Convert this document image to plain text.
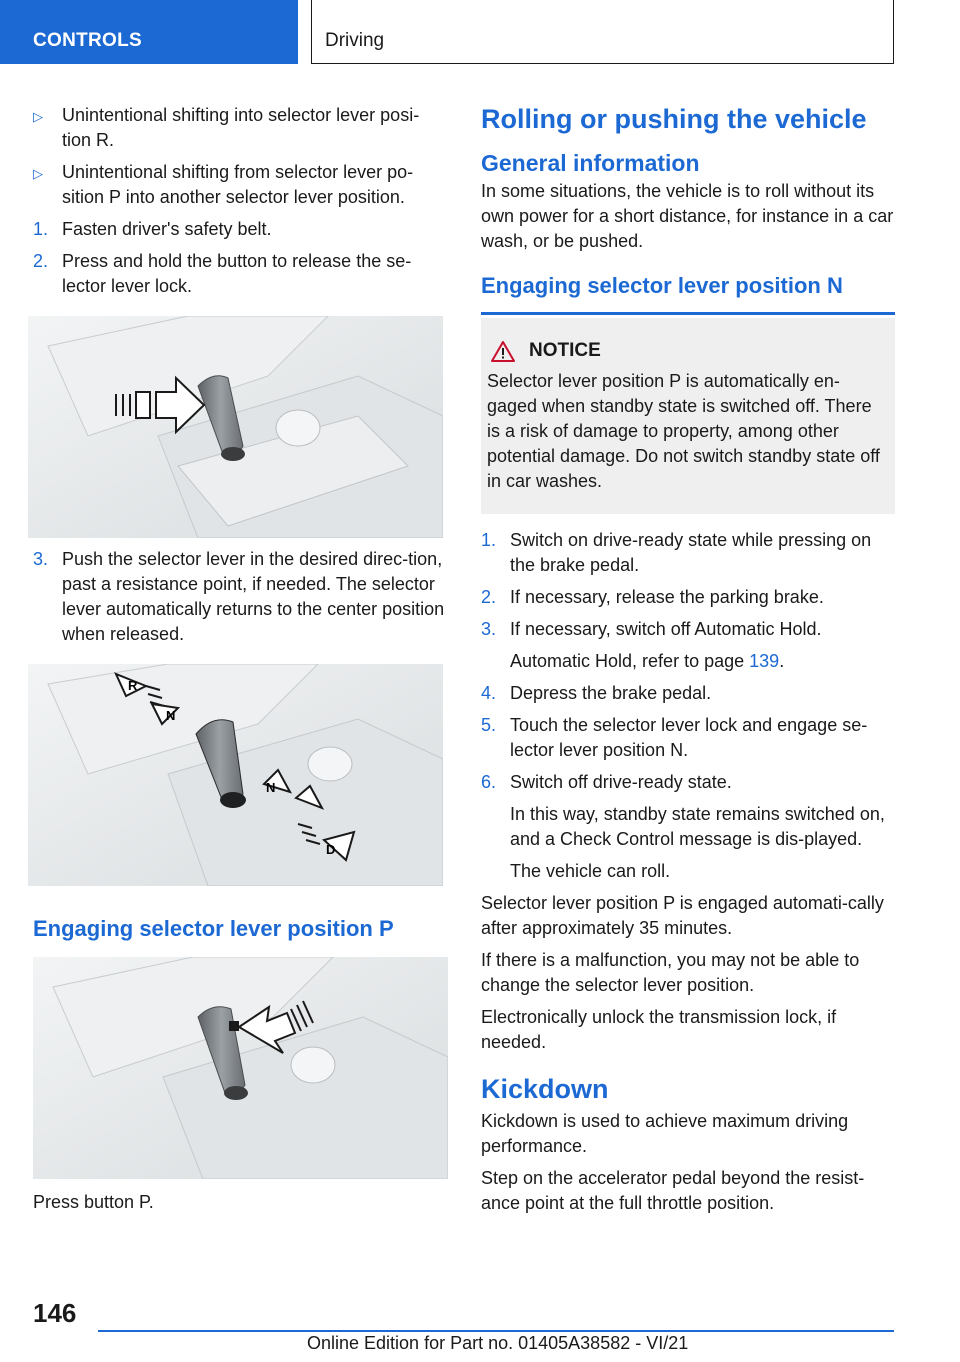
CONTROLS	Driving
▷ Unintentional shifting into selector lever posi-tion R.
▷ Unintentional shifting from selector lever po-sition P into another selector lever position.
1. Fasten driver's safety belt.
2. Press and hold the button to release the se-lector lever lock.
3. Push the selector lever in the desired direc-tion, past a resistance point, if needed. The selector lever automatically returns to the center position when released.
R
N
N
D
Engaging selector lever position P
Press button P.
Rolling or pushing the vehicle
General information
In some situations, the vehicle is to roll without its own power for a short distance, for instance in a car wash, or be pushed.
Engaging selector lever position N
NOTICE
Selector lever position P is automatically en-gaged when standby state is switched off. There is a risk of damage to property, among other potential damage. Do not switch standby state off in car washes.
1. Switch on drive-ready state while pressing on the brake pedal.
2. If necessary, release the parking brake.
3. If necessary, switch off Automatic Hold.
Automatic Hold, refer to page 139.
4. Depress the brake pedal.
5. Touch the selector lever lock and engage se-lector lever position N.
6. Switch off drive-ready state.
In this way, standby state remains switched on, and a Check Control message is dis-played.
The vehicle can roll.
Selector lever position P is engaged automati-cally after approximately 35 minutes.
If there is a malfunction, you may not be able to change the selector lever position.
Electronically unlock the transmission lock, if needed.
Kickdown
Kickdown is used to achieve maximum driving performance.
Step on the accelerator pedal beyond the resist-ance point at the full throttle position.
146
Online Edition for Part no. 01405A38582 - VI/21
